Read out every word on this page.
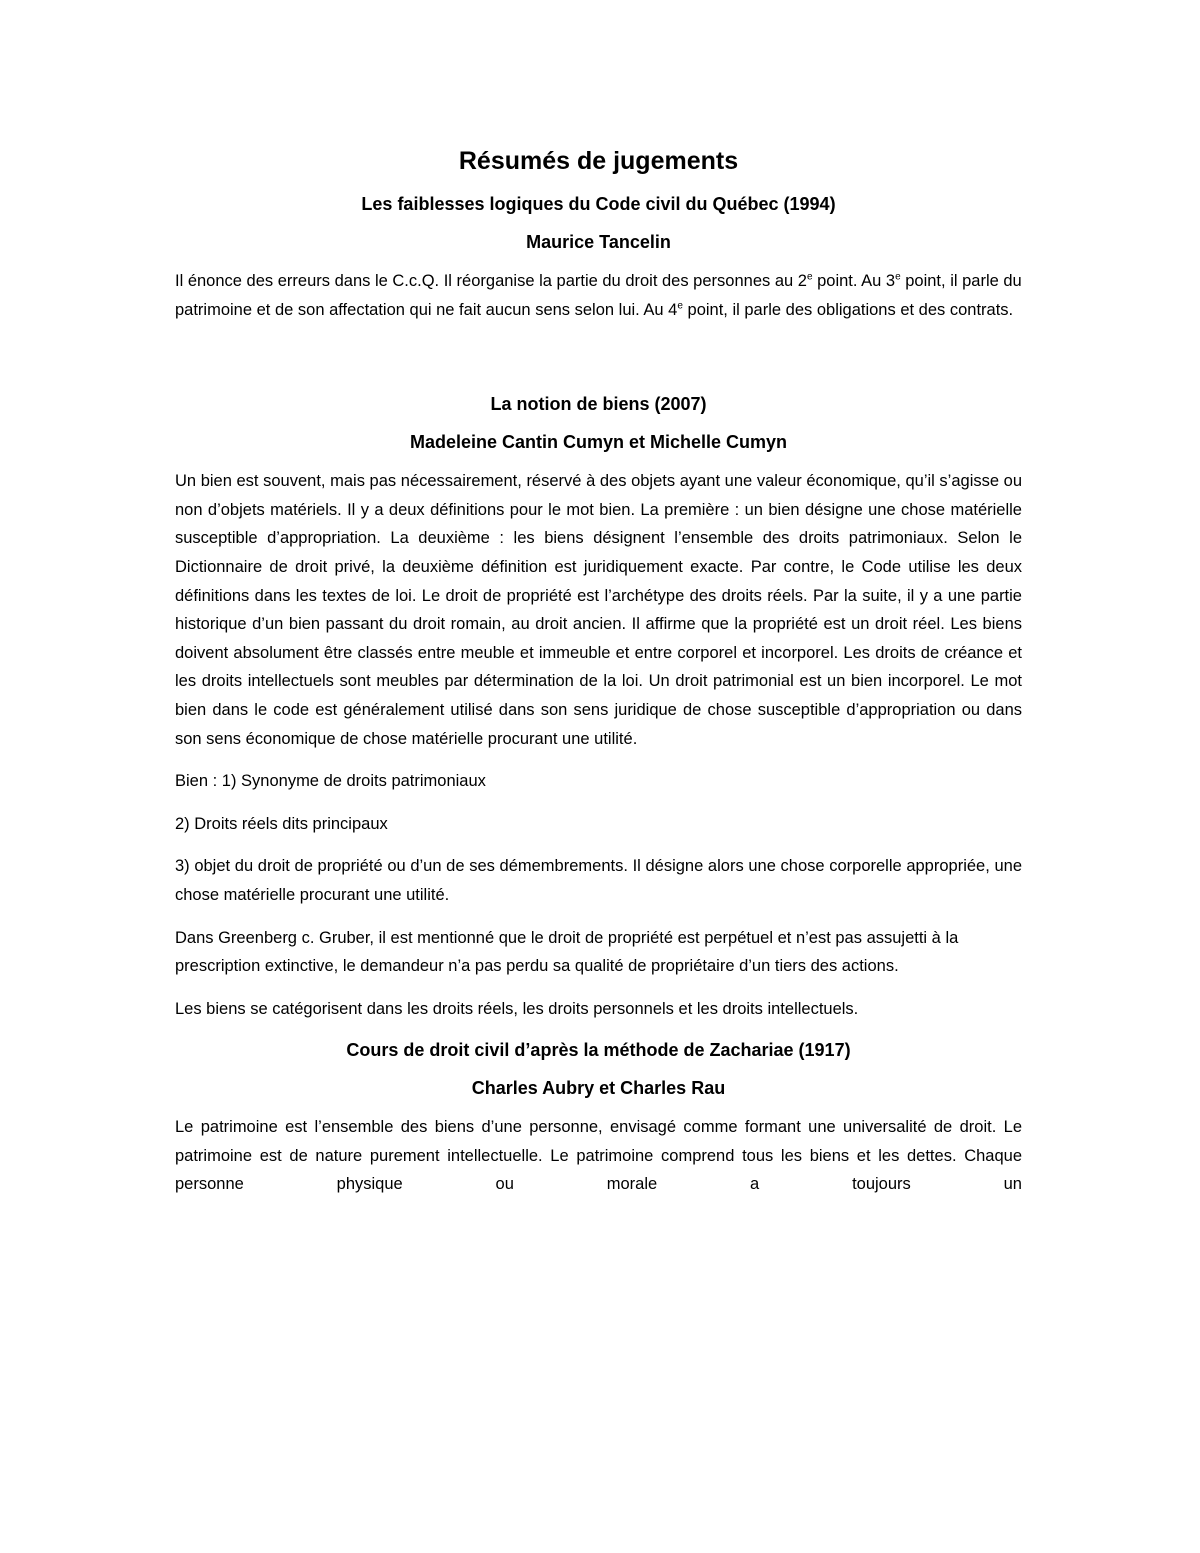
Résumés de jugements
Les faiblesses logiques du Code civil du Québec (1994)
Maurice Tancelin

Il énonce des erreurs dans le C.c.Q. Il réorganise la partie du droit des personnes au 2e point. Au 3e point, il parle du patrimoine et de son affectation qui ne fait aucun sens selon lui. Au 4e point, il parle des obligations et des contrats.

La notion de biens (2007)
Madeleine Cantin Cumyn et Michelle Cumyn

Un bien est souvent, mais pas nécessairement, réservé à des objets ayant une valeur économique, qu’il s’agisse ou non d’objets matériels. Il y a deux définitions pour le mot bien. La première : un bien désigne une chose matérielle susceptible d’appropriation. La deuxième : les biens désignent l’ensemble des droits patrimoniaux. Selon le Dictionnaire de droit privé, la deuxième définition est juridiquement exacte. Par contre, le Code utilise les deux définitions dans les textes de loi. Le droit de propriété est l’archétype des droits réels. Par la suite, il y a une partie historique d’un bien passant du droit romain, au droit ancien. Il affirme que la propriété est un droit réel. Les biens doivent absolument être classés entre meuble et immeuble et entre corporel et incorporel. Les droits de créance et les droits intellectuels sont meubles par détermination de la loi. Un droit patrimonial est un bien incorporel. Le mot bien dans le code est généralement utilisé dans son sens juridique de chose susceptible d’appropriation ou dans son sens économique de chose matérielle procurant une utilité.

Bien : 1) Synonyme de droits patrimoniaux

2) Droits réels dits principaux

3) objet du droit de propriété ou d’un de ses démembrements. Il désigne alors une chose corporelle appropriée, une chose matérielle procurant une utilité.

Dans Greenberg c. Gruber, il est mentionné que le droit de propriété est perpétuel et n’est pas assujetti à la prescription extinctive, le demandeur n’a pas perdu sa qualité de propriétaire d’un tiers des actions.

Les biens se catégorisent dans les droits réels, les droits personnels et les droits intellectuels.

Cours de droit civil d’après la méthode de Zachariae (1917)
Charles Aubry et Charles Rau

Le patrimoine est l’ensemble des biens d’une personne, envisagé comme formant une universalité de droit. Le patrimoine est de nature purement intellectuelle. Le patrimoine comprend tous les biens et les dettes. Chaque personne physique ou morale a toujours un
